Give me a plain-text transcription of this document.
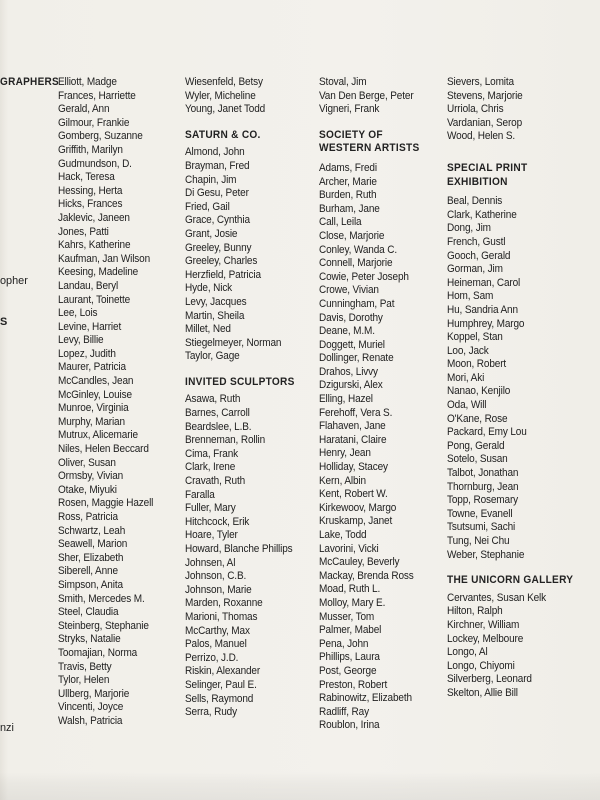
GRAPHERS
opher
S
nzi
Elliott, Madge
Frances, Harriette
Gerald, Ann
Gilmour, Frankie
Gomberg, Suzanne
Griffith, Marilyn
Gudmundson, D.
Hack, Teresa
Hessing, Herta
Hicks, Frances
Jaklevic, Janeen
Jones, Patti
Kahrs, Katherine
Kaufman, Jan Wilson
Keesing, Madeline
Landau, Beryl
Laurant, Toinette
Lee, Lois
Levine, Harriet
Levy, Billie
Lopez, Judith
Maurer, Patricia
McCandles, Jean
McGinley, Louise
Munroe, Virginia
Murphy, Marian
Mutrux, Alicemarie
Niles, Helen Beccard
Oliver, Susan
Ormsby, Vivian
Otake, Miyuki
Rosen, Maggie Hazell
Ross, Patricia
Schwartz, Leah
Seawell, Marion
Sher, Elizabeth
Siberell, Anne
Simpson, Anita
Smith, Mercedes M.
Steel, Claudia
Steinberg, Stephanie
Stryks, Natalie
Toomajian, Norma
Travis, Betty
Tylor, Helen
Ullberg, Marjorie
Vincenti, Joyce
Walsh, Patricia
Wiesenfeld, Betsy
Wyler, Micheline
Young, Janet Todd
SATURN & CO.
Almond, John
Brayman, Fred
Chapin, Jim
Di Gesu, Peter
Fried, Gail
Grace, Cynthia
Grant, Josie
Greeley, Bunny
Greeley, Charles
Herzfield, Patricia
Hyde, Nick
Levy, Jacques
Martin, Sheila
Millet, Ned
Stiegelmeyer, Norman
Taylor, Gage
INVITED SCULPTORS
Asawa, Ruth
Barnes, Carroll
Beardslee, L.B.
Brenneman, Rollin
Cima, Frank
Clark, Irene
Cravath, Ruth
Faralla
Fuller, Mary
Hitchcock, Erik
Hoare, Tyler
Howard, Blanche Phillips
Johnsen, Al
Johnson, C.B.
Johnson, Marie
Marden, Roxanne
Marioni, Thomas
McCarthy, Max
Palos, Manuel
Perrizo, J.D.
Riskin, Alexander
Selinger, Paul E.
Sells, Raymond
Serra, Rudy
Stoval, Jim
Van Den Berge, Peter
Vigneri, Frank
SOCIETY OF
WESTERN ARTISTS
Adams, Fredi
Archer, Marie
Burden, Ruth
Burham, Jane
Call, Leila
Close, Marjorie
Conley, Wanda C.
Connell, Marjorie
Cowie, Peter Joseph
Crowe, Vivian
Cunningham, Pat
Davis, Dorothy
Deane, M.M.
Doggett, Muriel
Dollinger, Renate
Drahos, Livvy
Dzigurski, Alex
Elling, Hazel
Ferehoff, Vera S.
Flahaven, Jane
Haratani, Claire
Henry, Jean
Holliday, Stacey
Kern, Albin
Kent, Robert W.
Kirkewoov, Margo
Kruskamp, Janet
Lake, Todd
Lavorini, Vicki
McCauley, Beverly
Mackay, Brenda Ross
Moad, Ruth L.
Molloy, Mary E.
Musser, Tom
Palmer, Mabel
Pena, John
Phillips, Laura
Post, George
Preston, Robert
Rabinowitz, Elizabeth
Radliff, Ray
Roublon, Irina
Sievers, Lomita
Stevens, Marjorie
Urriola, Chris
Vardanian, Serop
Wood, Helen S.
SPECIAL PRINT
EXHIBITION
Beal, Dennis
Clark, Katherine
Dong, Jim
French, Gustl
Gooch, Gerald
Gorman, Jim
Heineman, Carol
Hom, Sam
Hu, Sandria Ann
Humphrey, Margo
Koppel, Stan
Loo, Jack
Moon, Robert
Mori, Aki
Nanao, Kenjilo
Oda, Will
O'Kane, Rose
Packard, Emy Lou
Pong, Gerald
Sotelo, Susan
Talbot, Jonathan
Thornburg, Jean
Topp, Rosemary
Towne, Evanell
Tsutsumi, Sachi
Tung, Nei Chu
Weber, Stephanie
THE UNICORN GALLERY
Cervantes, Susan Kelk
Hilton, Ralph
Kirchner, William
Lockey, Melboure
Longo, Al
Longo, Chiyomi
Silverberg, Leonard
Skelton, Allie Bill
